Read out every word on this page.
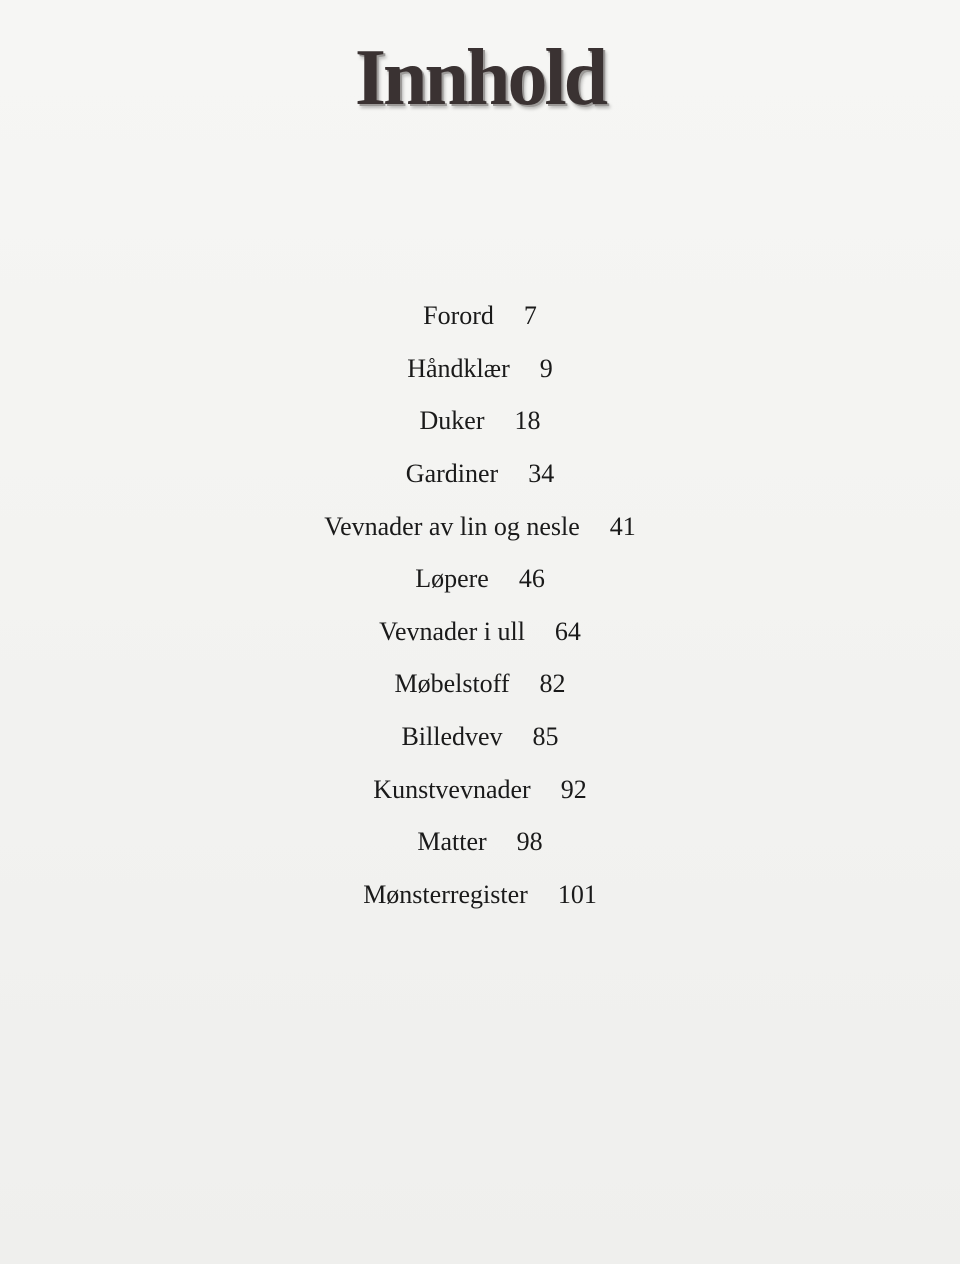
Innhold
Forord 7
Håndklær 9
Duker 18
Gardiner 34
Vevnader av lin og nesle 41
Løpere 46
Vevnader i ull 64
Møbelstoff 82
Billedvev 85
Kunstvevnader 92
Matter 98
Mønsterregister 101
